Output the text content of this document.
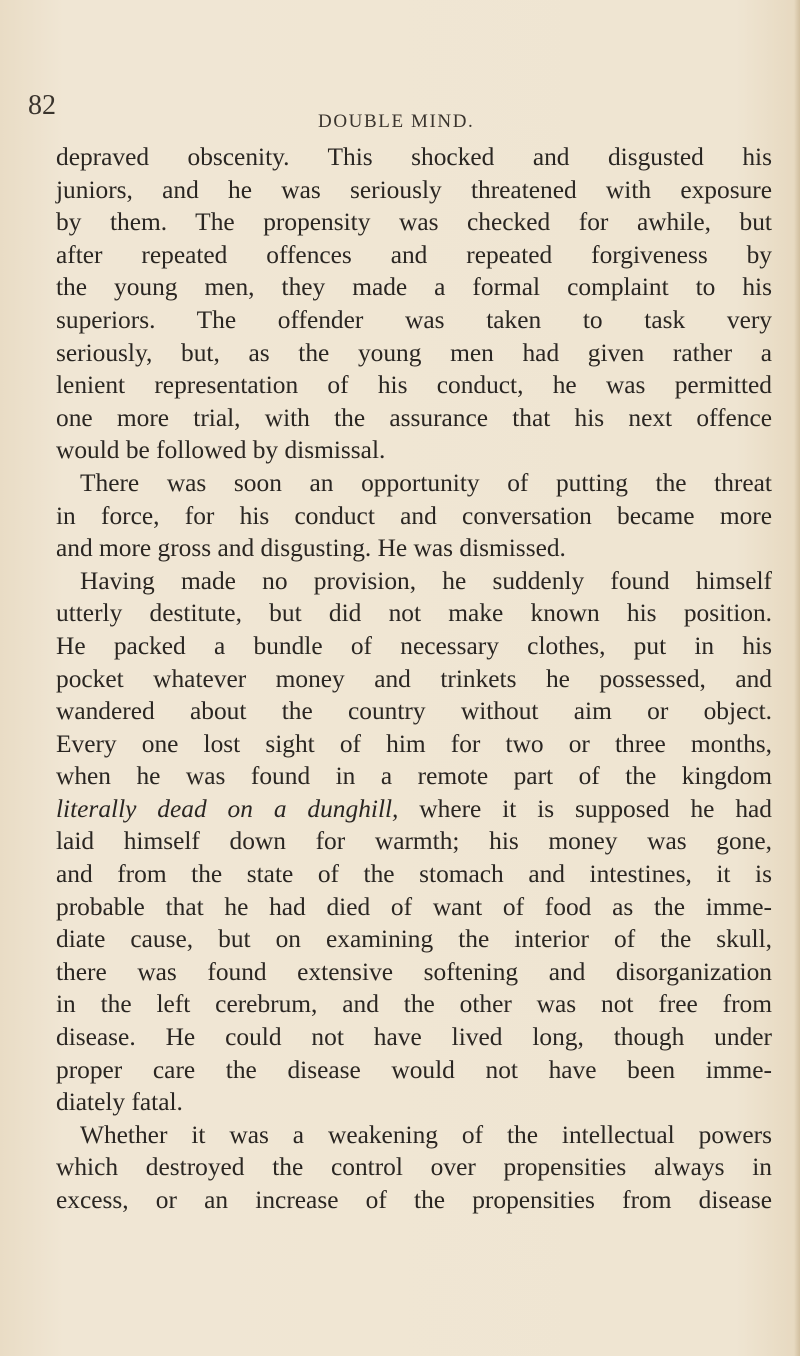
82
DOUBLE MIND.
depraved obscenity. This shocked and disgusted his
juniors, and he was seriously threatened with exposure
by them. The propensity was checked for awhile, but
after repeated offences and repeated forgiveness by
the young men, they made a formal complaint to his
superiors. The offender was taken to task very
seriously, but, as the young men had given rather a
lenient representation of his conduct, he was permitted
one more trial, with the assurance that his next offence
would be followed by dismissal.
There was soon an opportunity of putting the threat
in force, for his conduct and conversation became more
and more gross and disgusting. He was dismissed.
Having made no provision, he suddenly found himself
utterly destitute, but did not make known his position.
He packed a bundle of necessary clothes, put in his
pocket whatever money and trinkets he possessed, and
wandered about the country without aim or object.
Every one lost sight of him for two or three months,
when he was found in a remote part of the kingdom
literally dead on a dunghill, where it is supposed he had
laid himself down for warmth; his money was gone,
and from the state of the stomach and intestines, it is
probable that he had died of want of food as the imme-
diate cause, but on examining the interior of the skull,
there was found extensive softening and disorganization
in the left cerebrum, and the other was not free from
disease. He could not have lived long, though under
proper care the disease would not have been imme-
diately fatal.
Whether it was a weakening of the intellectual powers
which destroyed the control over propensities always in
excess, or an increase of the propensities from disease
